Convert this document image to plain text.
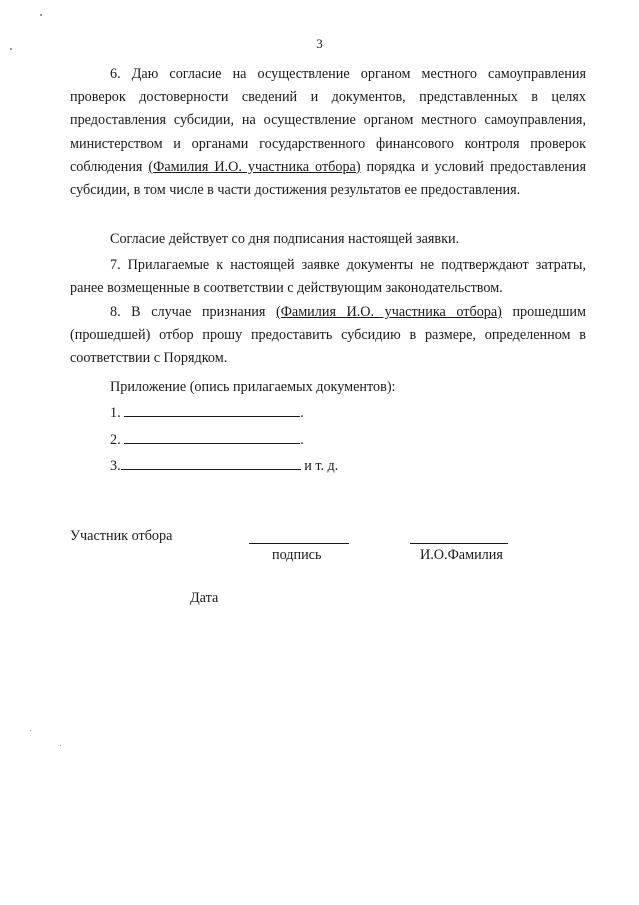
3

6. Даю согласие на осуществление органом местного самоуправления проверок достоверности сведений и документов, представленных в целях предоставления субсидии, на осуществление органом местного самоуправления, министерством и органами государственного финансового контроля проверок соблюдения (Фамилия И.О. участника отбора) порядка и условий предоставления субсидии, в том числе в части достижения результатов ее предоставления.

Согласие действует со дня подписания настоящей заявки.

7. Прилагаемые к настоящей заявке документы не подтверждают затраты, ранее возмещенные в соответствии с действующим законодательством.

8. В случае признания (Фамилия И.О. участника отбора) прошедшим (прошедшей) отбор прошу предоставить субсидию в размере, определенном в соответствии с Порядком.

Приложение (опись прилагаемых документов):
1.	.
2.	.
3.	и т. д.
Участник отбора
подпись	И.О.Фамилия
Дата
